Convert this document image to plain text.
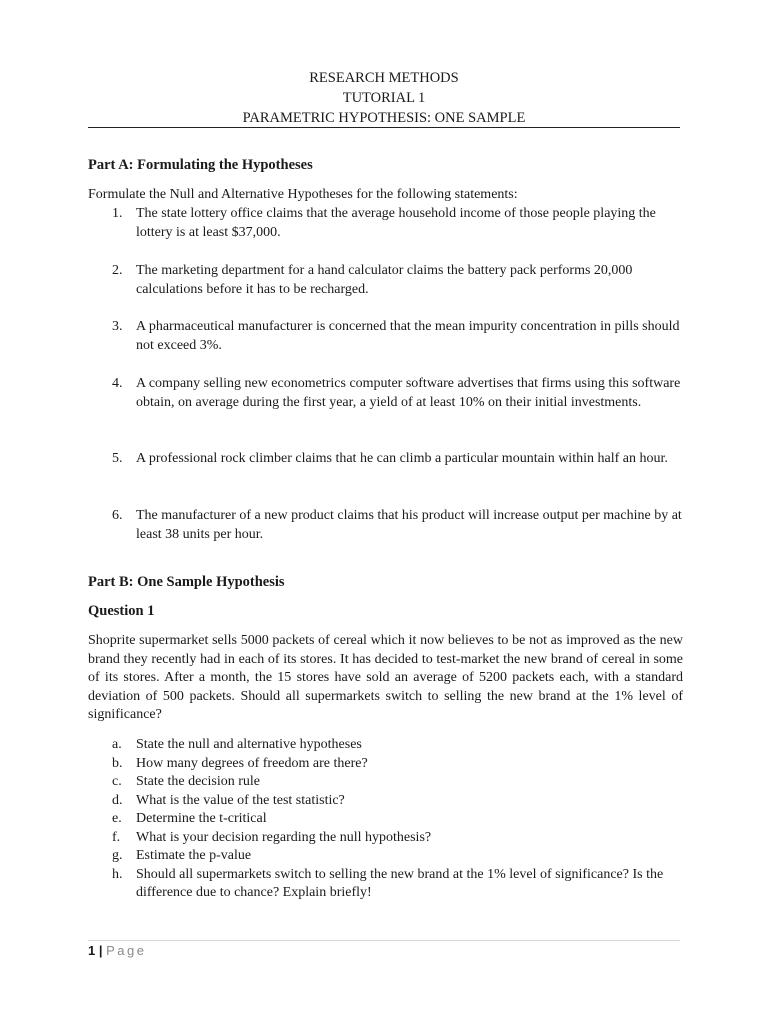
RESEARCH METHODS
TUTORIAL 1
PARAMETRIC HYPOTHESIS: ONE SAMPLE
Part A: Formulating the Hypotheses
Formulate the Null and Alternative Hypotheses for the following statements:
1. The state lottery office claims that the average household income of those people playing the lottery is at least $37,000.
2. The marketing department for a hand calculator claims the battery pack performs 20,000 calculations before it has to be recharged.
3. A pharmaceutical manufacturer is concerned that the mean impurity concentration in pills should not exceed 3%.
4. A company selling new econometrics computer software advertises that firms using this software obtain, on average during the first year, a yield of at least 10% on their initial investments.
5. A professional rock climber claims that he can climb a particular mountain within half an hour.
6. The manufacturer of a new product claims that his product will increase output per machine by at least 38 units per hour.
Part B: One Sample Hypothesis
Question 1
Shoprite supermarket sells 5000 packets of cereal which it now believes to be not as improved as the new brand they recently had in each of its stores. It has decided to test-market the new brand of cereal in some of its stores. After a month, the 15 stores have sold an average of 5200 packets each, with a standard deviation of 500 packets. Should all supermarkets switch to selling the new brand at the 1% level of significance?
a. State the null and alternative hypotheses
b. How many degrees of freedom are there?
c. State the decision rule
d. What is the value of the test statistic?
e. Determine the t-critical
f. What is your decision regarding the null hypothesis?
g. Estimate the p-value
h. Should all supermarkets switch to selling the new brand at the 1% level of significance? Is the difference due to chance? Explain briefly!
1 | Page
